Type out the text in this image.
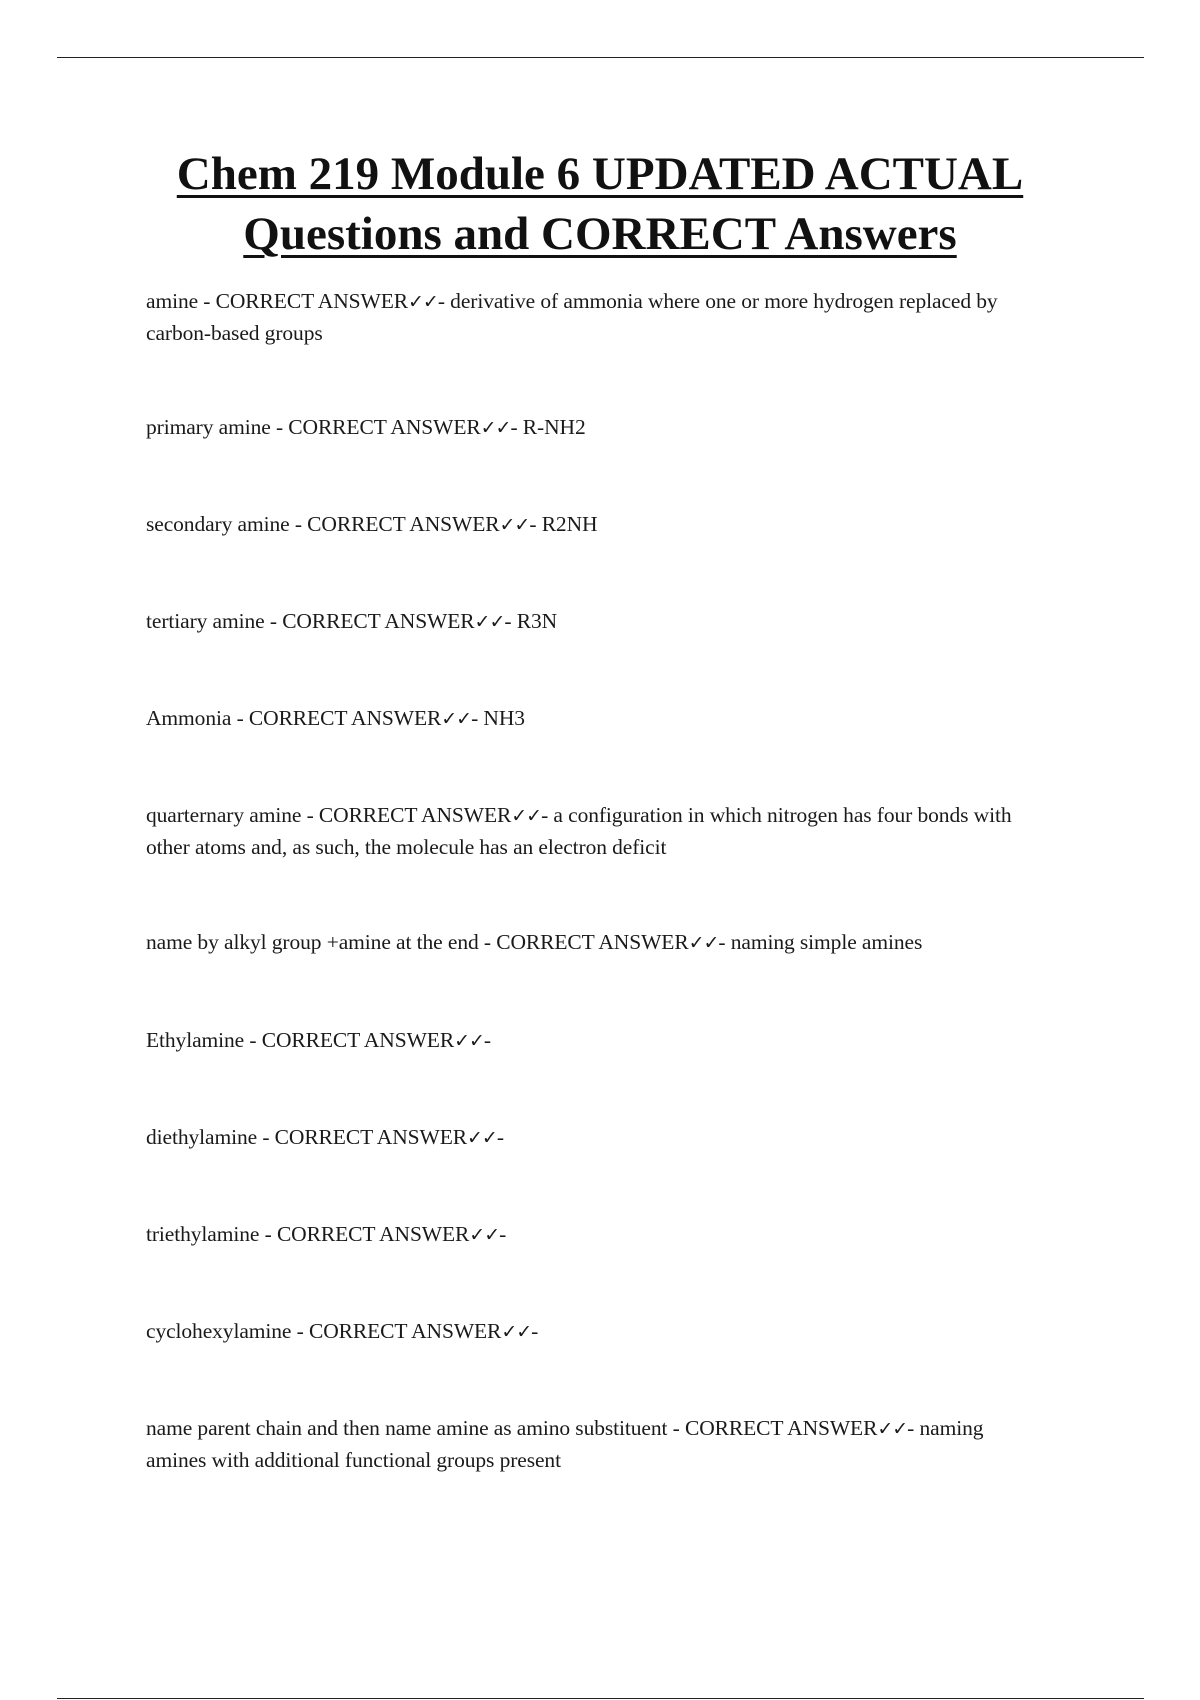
Chem 219 Module 6 UPDATED ACTUAL
Questions and CORRECT Answers

amine - CORRECT ANSWER✓✓- derivative of ammonia where one or more hydrogen replaced by carbon-based groups

primary amine - CORRECT ANSWER✓✓- R-NH2

secondary amine - CORRECT ANSWER✓✓- R2NH

tertiary amine - CORRECT ANSWER✓✓- R3N

Ammonia - CORRECT ANSWER✓✓- NH3

quarternary amine - CORRECT ANSWER✓✓- a configuration in which nitrogen has four bonds with other atoms and, as such, the molecule has an electron deficit

name by alkyl group +amine at the end - CORRECT ANSWER✓✓- naming simple amines

Ethylamine - CORRECT ANSWER✓✓-

diethylamine - CORRECT ANSWER✓✓-

triethylamine - CORRECT ANSWER✓✓-

cyclohexylamine - CORRECT ANSWER✓✓-

name parent chain and then name amine as amino substituent - CORRECT ANSWER✓✓- naming amines with additional functional groups present
